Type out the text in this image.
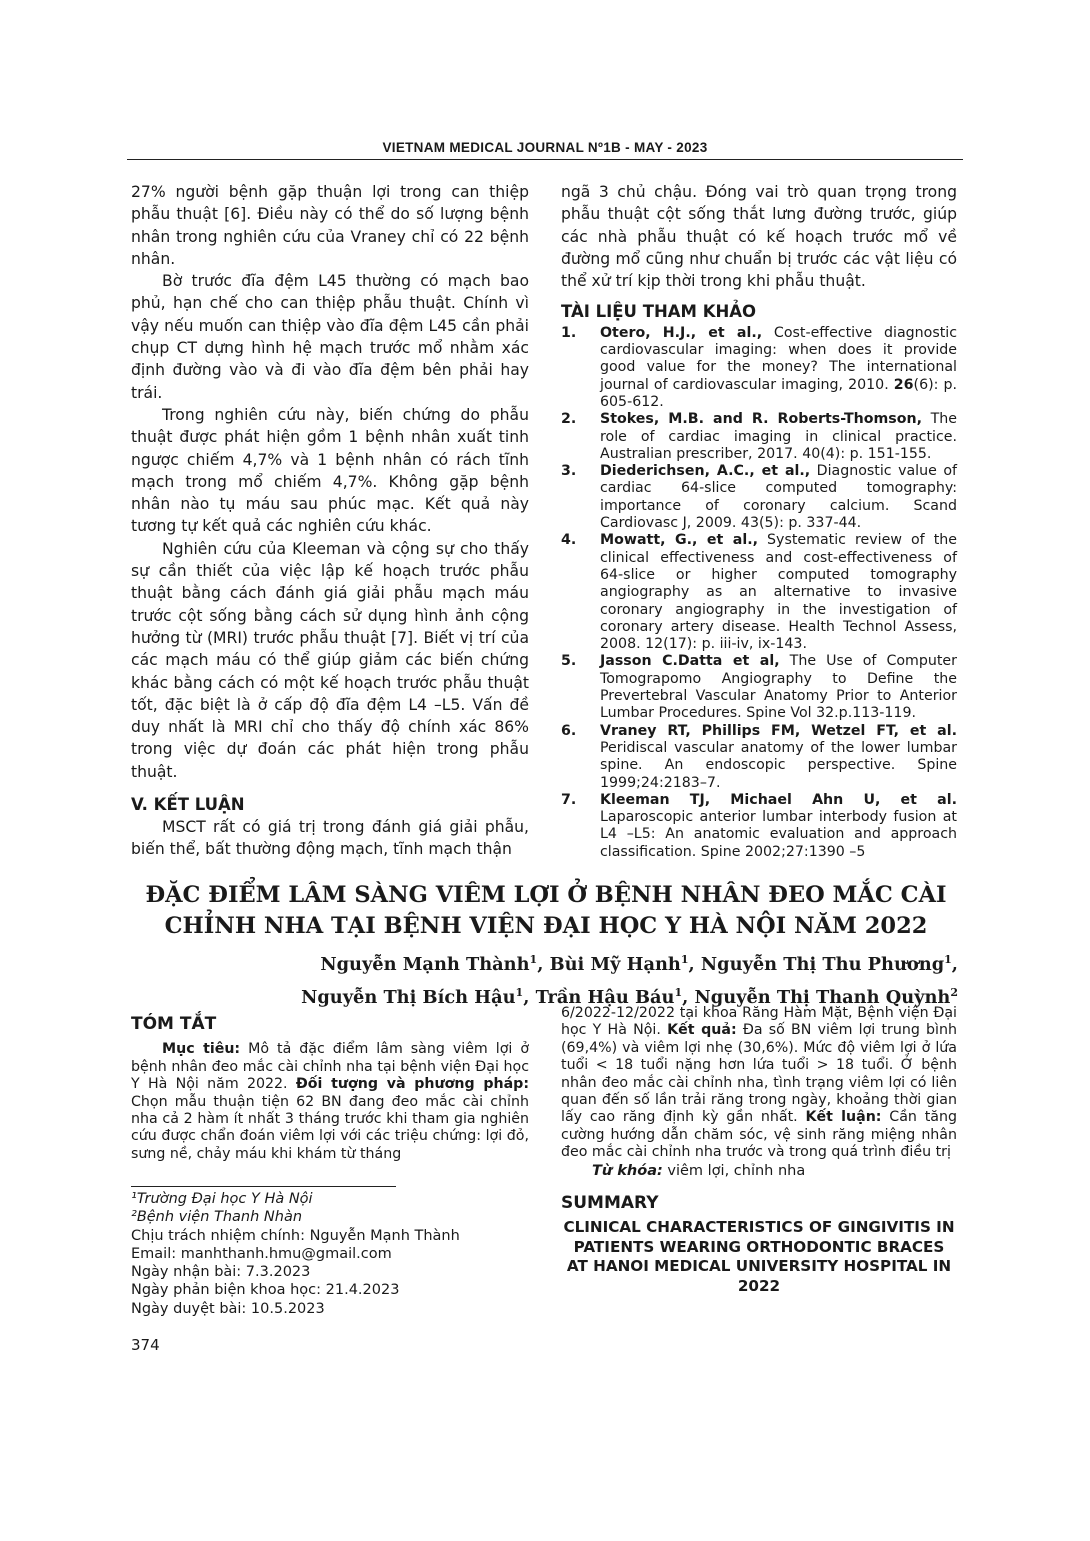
VIETNAM MEDICAL JOURNAL Nº1B - MAY - 2023

27% người bệnh gặp thuận lợi trong can thiệp phẫu thuật [6]. Điều này có thể do số lượng bệnh nhân trong nghiên cứu của Vraney chỉ có 22 bệnh nhân.

Bờ trước đĩa đệm L45 thường có mạch bao phủ, hạn chế cho can thiệp phẫu thuật. Chính vì vậy nếu muốn can thiệp vào đĩa đệm L45 cần phải chụp CT dựng hình hệ mạch trước mổ nhằm xác định đường vào và đi vào đĩa đệm bên phải hay trái.

Trong nghiên cứu này, biến chứng do phẫu thuật được phát hiện gồm 1 bệnh nhân xuất tinh ngược chiếm 4,7% và 1 bệnh nhân có rách tĩnh mạch trong mổ chiếm 4,7%. Không gặp bệnh nhân nào tụ máu sau phúc mạc. Kết quả này tương tự kết quả các nghiên cứu khác.

Nghiên cứu của Kleeman và cộng sự cho thấy sự cần thiết của việc lập kế hoạch trước phẫu thuật bằng cách đánh giá giải phẫu mạch máu trước cột sống bằng cách sử dụng hình ảnh cộng hưởng từ (MRI) trước phẫu thuật [7]. Biết vị trí của các mạch máu có thể giúp giảm các biến chứng khác bằng cách có một kế hoạch trước phẫu thuật tốt, đặc biệt là ở cấp độ đĩa đệm L4 –L5. Vấn đề duy nhất là MRI chỉ cho thấy độ chính xác 86% trong việc dự đoán các phát hiện trong phẫu thuật.

V. KẾT LUẬN

MSCT rất có giá trị trong đánh giá giải phẫu, biến thể, bất thường động mạch, tĩnh mạch thận

ngã 3 chủ chậu. Đóng vai trò quan trọng trong phẫu thuật cột sống thắt lưng đường trước, giúp các nhà phẫu thuật có kế hoạch trước mổ về đường mổ cũng như chuẩn bị trước các vật liệu có thể xử trí kịp thời trong khi phẫu thuật.

TÀI LIỆU THAM KHẢO
1. Otero, H.J., et al., Cost-effective diagnostic cardiovascular imaging: when does it provide good value for the money? The international journal of cardiovascular imaging, 2010. 26(6): p. 605-612.
2. Stokes, M.B. and R. Roberts-Thomson, The role of cardiac imaging in clinical practice. Australian prescriber, 2017. 40(4): p. 151-155.
3. Diederichsen, A.C., et al., Diagnostic value of cardiac 64-slice computed tomography: importance of coronary calcium. Scand Cardiovasc J, 2009. 43(5): p. 337-44.
4. Mowatt, G., et al., Systematic review of the clinical effectiveness and cost-effectiveness of 64-slice or higher computed tomography angiography as an alternative to invasive coronary angiography in the investigation of coronary artery disease. Health Technol Assess, 2008. 12(17): p. iii-iv, ix-143.
5. Jasson C.Datta et al, The Use of Computer Tomograpomo Angiography to Define the Prevertebral Vascular Anatomy Prior to Anterior Lumbar Procedures. Spine Vol 32.p.113-119.
6. Vraney RT, Phillips FM, Wetzel FT, et al. Peridiscal vascular anatomy of the lower lumbar spine. An endoscopic perspective. Spine 1999;24:2183–7.
7. Kleeman TJ, Michael Ahn U, et al. Laparoscopic anterior lumbar interbody fusion at L4 –L5: An anatomic evaluation and approach classification. Spine 2002;27:1390 –5
ĐẶC ĐIỂM LÂM SÀNG VIÊM LỢI Ở BỆNH NHÂN ĐEO MẮC CÀI CHỈNH NHA TẠI BỆNH VIỆN ĐẠI HỌC Y HÀ NỘI NĂM 2022
Nguyễn Mạnh Thành$^1$, Bùi Mỹ Hạnh$^1$, Nguyễn Thị Thu Phương$^1$,
Nguyễn Thị Bích Hậu$^1$, Trần Hậu Báu$^1$, Nguyễn Thị Thanh Quỳnh$^2$
TÓM TẮT

Mục tiêu: Mô tả đặc điểm lâm sàng viêm lợi ở bệnh nhân đeo mắc cài chỉnh nha tại bệnh viện Đại học Y Hà Nội năm 2022. Đối tượng và phương pháp: Chọn mẫu thuận tiện 62 BN đang đeo mắc cài chỉnh nha cả 2 hàm ít nhất 3 tháng trước khi tham gia nghiên cứu được chẩn đoán viêm lợi với các triệu chứng: lợi đỏ, sưng nề, chảy máu khi khám từ tháng

6/2022-12/2022 tại khoa Răng Hàm Mặt, Bệnh viện Đại học Y Hà Nội. Kết quả: Đa số BN viêm lợi trung bình (69,4%) và viêm lợi nhẹ (30,6%). Mức độ viêm lợi ở lứa tuổi < 18 tuổi nặng hơn lứa tuổi > 18 tuổi. Ở bệnh nhân đeo mắc cài chỉnh nha, tình trạng viêm lợi có liên quan đến số lần trải răng trong ngày, khoảng thời gian lấy cao răng định kỳ gần nhất. Kết luận: Cần tăng cường hướng dẫn chăm sóc, vệ sinh răng miệng nhân đeo mắc cài chỉnh nha trước và trong quá trình điều trị

Từ khóa: viêm lợi, chỉnh nha

SUMMARY
CLINICAL CHARACTERISTICS OF GINGIVITIS IN PATIENTS WEARING ORTHODONTIC BRACES AT HANOI MEDICAL UNIVERSITY HOSPITAL IN 2022
¹Trường Đại học Y Hà Nội
²Bệnh viện Thanh Nhàn
Chịu trách nhiệm chính: Nguyễn Mạnh Thành
Email: manhthanh.hmu@gmail.com
Ngày nhận bài: 7.3.2023
Ngày phản biện khoa học: 21.4.2023
Ngày duyệt bài: 10.5.2023
374
